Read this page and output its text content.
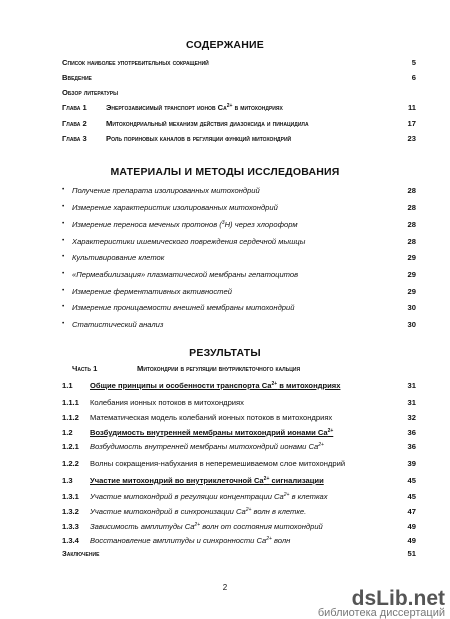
СОДЕРЖАНИЕ
Список наиболее употребительных сокращений	5
Введение	6
Обзор литературы
Глава 1	Энергозависимый транспорт ионов $Ca^{2+}$ в митохондриях	11
Глава 2	Митохондриальный механизм действия диазоксида и пинацидила	17
Глава 3	Роль пориновых каналов в регуляции функций митохондрий	23
МАТЕРИАЛЫ И МЕТОДЫ ИССЛЕДОВАНИЯ
• Получение препарата изолированных митохондрий	28
• Измерение характеристик изолированных митохондрий	28
• Измерение переноса меченых протонов ($^3$H) через хлороформ	28
• Характеристики ишемического повреждения сердечной мышцы	28
• Культивирование клеток	29
• «Пермеабилизация» плазматической мембраны гепатоцитов	29
• Измерение ферментативных активностей	29
• Измерение проницаемости внешней мембраны митохондрий	30
• Статистический анализ	30
РЕЗУЛЬТАТЫ
Часть 1	Митохондрии в регуляции внутриклеточного кальция
1.1 Общие принципы и особенности транспорта $Ca^{2+}$ в митохондриях	31
1.1.1 Колебания ионных потоков в митохондриях	31
1.1.2 Математическая модель колебаний ионных потоков в митохондриях	32
1.2 Возбудимость внутренней мембраны митохондрий ионами $Ca^{2+}$	36
1.2.1 Возбудимость внутренней мембраны митохондрий ионами $Ca^{2+}$	36
1.2.2 Волны сокращения-набухания в неперемешиваемом слое митохондрий	39
1.3 Участие митохондрий во внутриклеточной $Ca^{2+}$ сигнализации	45
1.3.1 Участие митохондрий в регуляции концентрации $Ca^{2+}$ в клетках	45
1.3.2 Участие митохондрий в синхронизации $Ca^{2+}$ волн в клетке.	47
1.3.3 Зависимость амплитуды $Ca^{2+}$ волн от состояния митохондрий	49
1.3.4 Восстановление амплитуды и синхронности $Ca^{2+}$ волн	49
Заключение	51
2	dsLib.net
библиотека диссертаций
